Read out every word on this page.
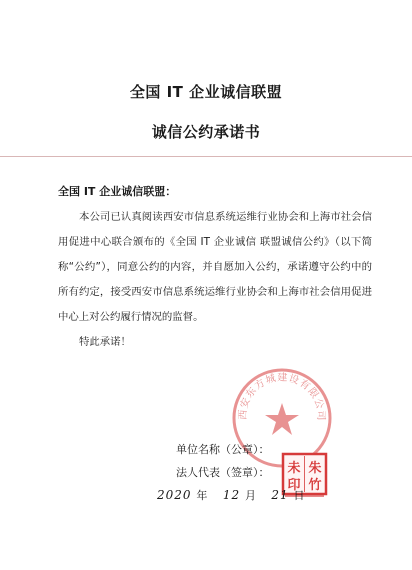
全国 IT 企业诚信联盟
诚信公约承诺书
全国 IT 企业诚信联盟：

本公司已认真阅读西安市信息系统运维行业协会和上海市社会信用促进中心联合颁布的《全国 IT 企业诚信 联盟诚信公约》（以下简称“公约”），同意公约的内容，并自愿加入公约，承诺遵守公约中的所有约定，接受西安市信息系统运维行业协会和上海市社会信用促进中心上对公约履行情况的监督。

特此承诺！

西安东方城建设有限公司
单位名称（公章）：
法人代表（签章）：	朱
竹
未
印
2020 年 12 月 21 日
